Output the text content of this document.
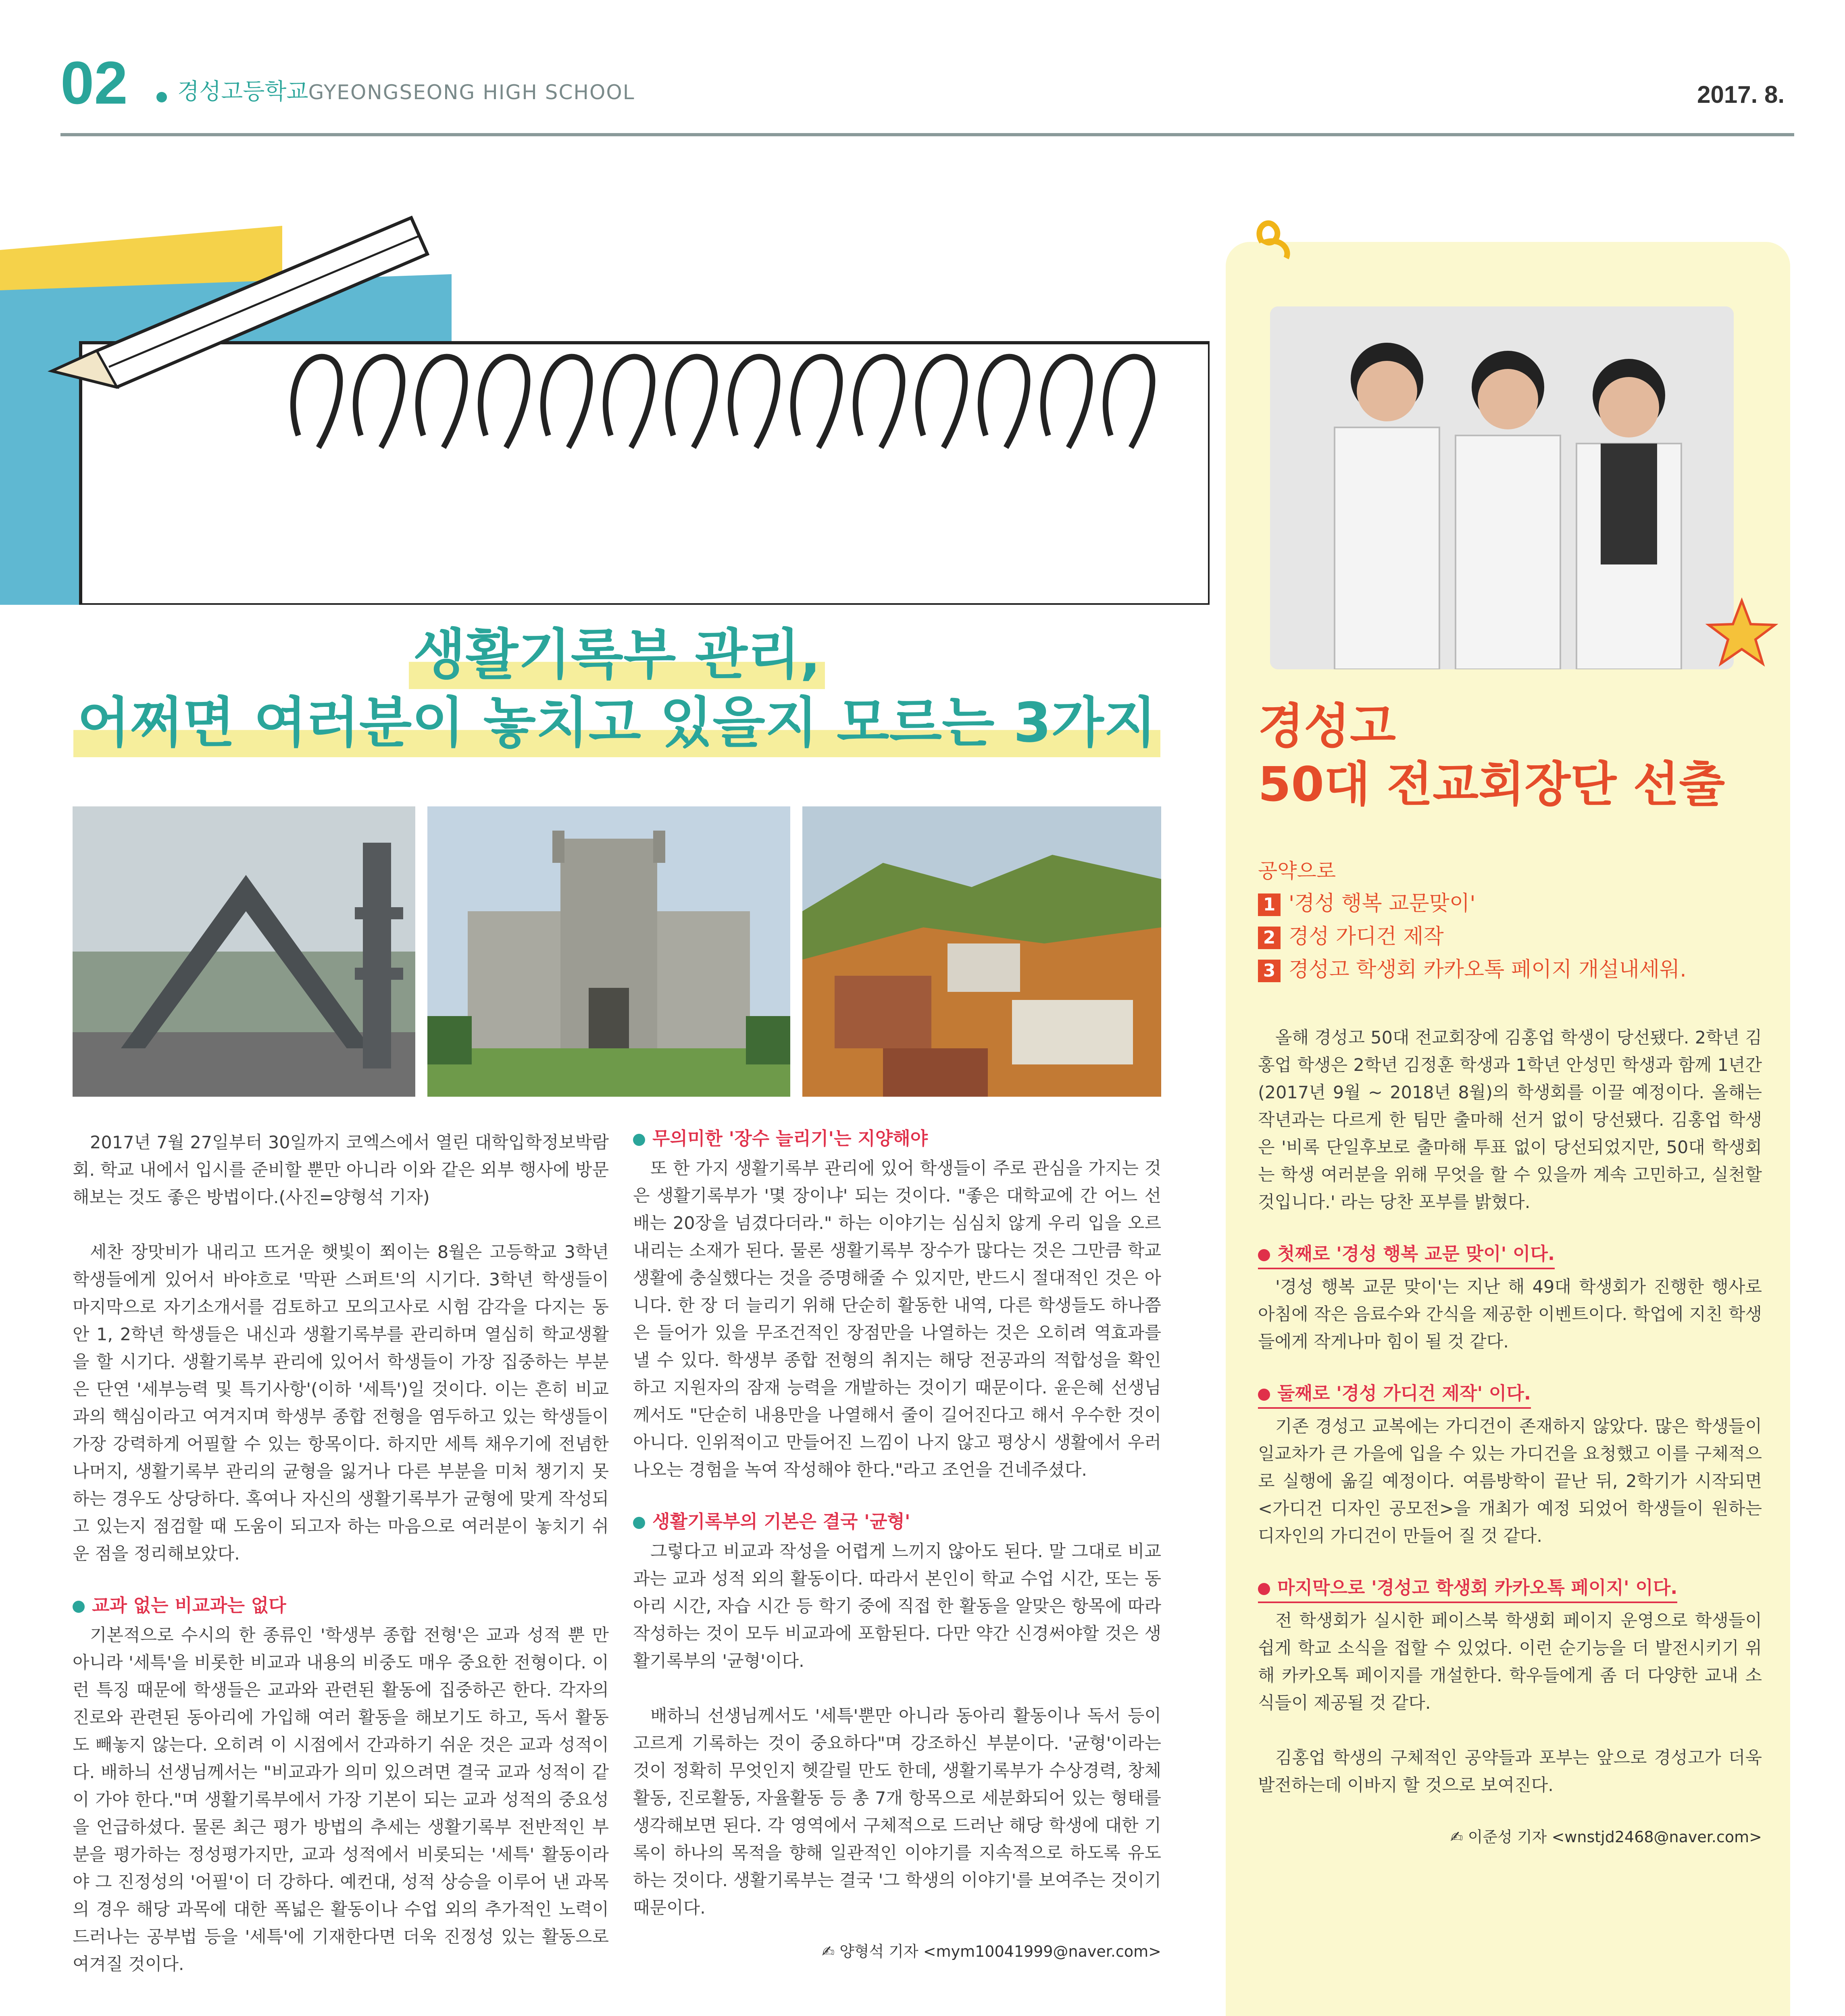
02 경성고등학교GYEONGSEONG HIGH SCHOOL	2017. 8.
생활기록부 관리,
어쩌면 여러분이 놓치고 있을지 모르는 3가지

2017년 7월 27일부터 30일까지 코엑스에서 열린 대학입학정보박람회. 학교 내에서 입시를 준비할 뿐만 아니라 이와 같은 외부 행사에 방문해보는 것도 좋은 방법이다.(사진=양형석 기자)

세찬 장맛비가 내리고 뜨거운 햇빛이 쬐이는 8월은 고등학교 3학년 학생들에게 있어서 바야흐로 '막판 스퍼트'의 시기다. 3학년 학생들이 마지막으로 자기소개서를 검토하고 모의고사로 시험 감각을 다지는 동안 1, 2학년 학생들은 내신과 생활기록부를 관리하며 열심히 학교생활을 할 시기다. 생활기록부 관리에 있어서 학생들이 가장 집중하는 부분은 단연 '세부능력 및 특기사항'(이하 '세특')일 것이다. 이는 흔히 비교과의 핵심이라고 여겨지며 학생부 종합 전형을 염두하고 있는 학생들이 가장 강력하게 어필할 수 있는 항목이다. 하지만 세특 채우기에 전념한 나머지, 생활기록부 관리의 균형을 잃거나 다른 부분을 미처 챙기지 못하는 경우도 상당하다. 혹여나 자신의 생활기록부가 균형에 맞게 작성되고 있는지 점검할 때 도움이 되고자 하는 마음으로 여러분이 놓치기 쉬운 점을 정리해보았다.

교과 없는 비교과는 없다

기본적으로 수시의 한 종류인 '학생부 종합 전형'은 교과 성적 뿐 만 아니라 '세특'을 비롯한 비교과 내용의 비중도 매우 중요한 전형이다. 이런 특징 때문에 학생들은 교과와 관련된 활동에 집중하곤 한다. 각자의 진로와 관련된 동아리에 가입해 여러 활동을 해보기도 하고, 독서 활동도 빼놓지 않는다. 오히려 이 시점에서 간과하기 쉬운 것은 교과 성적이다. 배하늬 선생님께서는 "비교과가 의미 있으려면 결국 교과 성적이 같이 가야 한다."며 생활기록부에서 가장 기본이 되는 교과 성적의 중요성을 언급하셨다. 물론 최근 평가 방법의 추세는 생활기록부 전반적인 부분을 평가하는 정성평가지만, 교과 성적에서 비롯되는 '세특' 활동이라야 그 진정성의 '어필'이 더 강하다. 예컨대, 성적 상승을 이루어 낸 과목의 경우 해당 과목에 대한 폭넓은 활동이나 수업 외의 추가적인 노력이 드러나는 공부법 등을 '세특'에 기재한다면 더욱 진정성 있는 활동으로 여겨질 것이다.

무의미한 '장수 늘리기'는 지양해야

또 한 가지 생활기록부 관리에 있어 학생들이 주로 관심을 가지는 것은 생활기록부가 '몇 장이냐' 되는 것이다. "좋은 대학교에 간 어느 선배는 20장을 넘겼다더라." 하는 이야기는 심심치 않게 우리 입을 오르내리는 소재가 된다. 물론 생활기록부 장수가 많다는 것은 그만큼 학교생활에 충실했다는 것을 증명해줄 수 있지만, 반드시 절대적인 것은 아니다. 한 장 더 늘리기 위해 단순히 활동한 내역, 다른 학생들도 하나쯤은 들어가 있을 무조건적인 장점만을 나열하는 것은 오히려 역효과를 낼 수 있다. 학생부 종합 전형의 취지는 해당 전공과의 적합성을 확인하고 지원자의 잠재 능력을 개발하는 것이기 때문이다. 윤은혜 선생님께서도 "단순히 내용만을 나열해서 줄이 길어진다고 해서 우수한 것이 아니다. 인위적이고 만들어진 느낌이 나지 않고 평상시 생활에서 우러나오는 경험을 녹여 작성해야 한다."라고 조언을 건네주셨다.

생활기록부의 기본은 결국 '균형'

그렇다고 비교과 작성을 어렵게 느끼지 않아도 된다. 말 그대로 비교과는 교과 성적 외의 활동이다. 따라서 본인이 학교 수업 시간, 또는 동아리 시간, 자습 시간 등 학기 중에 직접 한 활동을 알맞은 항목에 따라 작성하는 것이 모두 비교과에 포함된다. 다만 약간 신경써야할 것은 생활기록부의 '균형'이다.

배하늬 선생님께서도 '세특'뿐만 아니라 동아리 활동이나 독서 등이 고르게 기록하는 것이 중요하다"며 강조하신 부분이다. '균형'이라는 것이 정확히 무엇인지 헷갈릴 만도 한데, 생활기록부가 수상경력, 창체활동, 진로활동, 자율활동 등 총 7개 항목으로 세분화되어 있는 형태를 생각해보면 된다. 각 영역에서 구체적으로 드러난 해당 학생에 대한 기록이 하나의 목적을 향해 일관적인 이야기를 지속적으로 하도록 유도하는 것이다. 생활기록부는 결국 '그 학생의 이야기'를 보여주는 것이기 때문이다.

✍ 양형석 기자 <mym10041999@naver.com>
경성고
50대 전교회장단 선출
공약으로
1 '경성 행복 교문맞이'
2 경성 가디건 제작
3 경성고 학생회 카카오톡 페이지 개설내세워.

올해 경성고 50대 전교회장에 김홍업 학생이 당선됐다. 2학년 김홍업 학생은 2학년 김정훈 학생과 1학년 안성민 학생과 함께 1년간(2017년 9월 ~ 2018년 8월)의 학생회를 이끌 예정이다. 올해는 작년과는 다르게 한 팀만 출마해 선거 없이 당선됐다. 김홍업 학생은 '비록 단일후보로 출마해 투표 없이 당선되었지만, 50대 학생회는 학생 여러분을 위해 무엇을 할 수 있을까 계속 고민하고, 실천할 것입니다.' 라는 당찬 포부를 밝혔다.

첫째로 '경성 행복 교문 맞이' 이다.

'경성 행복 교문 맞이'는 지난 해 49대 학생회가 진행한 행사로 아침에 작은 음료수와 간식을 제공한 이벤트이다. 학업에 지친 학생들에게 작게나마 힘이 될 것 같다.

둘째로 '경성 가디건 제작' 이다.

기존 경성고 교복에는 가디건이 존재하지 않았다. 많은 학생들이 일교차가 큰 가을에 입을 수 있는 가디건을 요청했고 이를 구체적으로 실행에 옮길 예정이다. 여름방학이 끝난 뒤, 2학기가 시작되면 <가디건 디자인 공모전>을 개최가 예정 되었어 학생들이 원하는 디자인의 가디건이 만들어 질 것 같다.

마지막으로 '경성고 학생회 카카오톡 페이지' 이다.

전 학생회가 실시한 페이스북 학생회 페이지 운영으로 학생들이 쉽게 학교 소식을 접할 수 있었다. 이런 순기능을 더 발전시키기 위해 카카오톡 페이지를 개설한다. 학우들에게 좀 더 다양한 교내 소식들이 제공될 것 같다.

김홍업 학생의 구체적인 공약들과 포부는 앞으로 경성고가 더욱 발전하는데 이바지 할 것으로 보여진다.

✍ 이준성 기자 <wnstjd2468@naver.com>
